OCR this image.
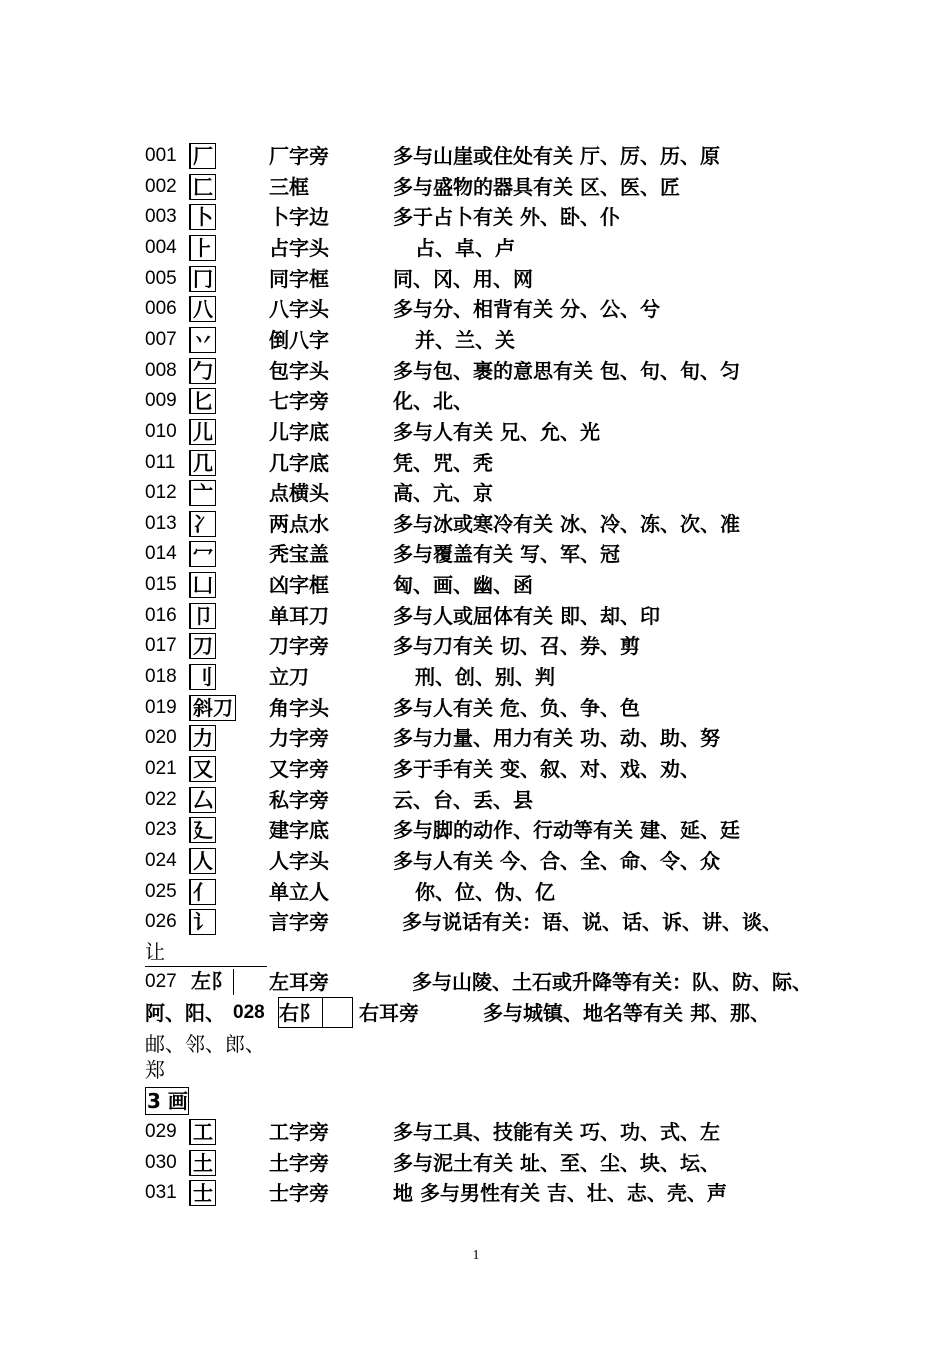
001 厂	厂字旁	多与山崖或住处有关 厅、厉、历、原
002 匚	三框	多与盛物的器具有关 区、医、匠
003 卜	卜字边	多于占卜有关 外、卧、仆
004 ⺊	占字头	占、卓、卢
005 冂	同字框	同、冈、用、网
006 八	八字头	多与分、相背有关 分、公、兮
007 丷	倒八字	并、兰、关
008 勹	包字头	多与包、裹的意思有关 包、句、旬、匀
009 匕	七字旁	化、北、
010 儿	儿字底	多与人有关 兄、允、光
011 几	几字底	凭、咒、秃
012 亠	点横头	高、亢、京
013 冫	两点水	多与冰或寒冷有关 冰、冷、冻、次、准
014 冖	秃宝盖	多与覆盖有关 写、军、冠
015 凵	凶字框	匈、画、幽、函
016 卩	单耳刀	多与人或屈体有关 即、却、印
017 刀	刀字旁	多与刀有关 切、召、券、剪
018 刂	立刀	刑、创、别、判
019 斜刀 角字头	多与人有关 危、负、争、色
020 力	力字旁	多与力量、用力有关 功、动、助、努
021 又	又字旁	多于手有关 变、叙、对、戏、劝、
022 厶	私字旁	云、台、丢、县
023 廴	建字底	多与脚的动作、行动等有关 建、延、廷
024 人	人字头	多与人有关 今、合、全、命、令、众
025 亻	单立人	你、位、伪、亿
026 讠	言字旁	多与说话有关：语、说、话、诉、讲、谈、
让
027 左阝 左耳旁	多与山陵、土石或升降等有关：队、防、际、
阿、阳、 028 右阝 右耳旁	多与城镇、地名等有关 邦、那、
邮、邻、郎、
郑
3 画
029 工	工字旁	多与工具、技能有关 巧、功、式、左
030 土	土字旁	多与泥土有关 址、至、尘、块、坛、
031 士	士字旁	地 多与男性有关 吉、壮、志、壳、声
1
